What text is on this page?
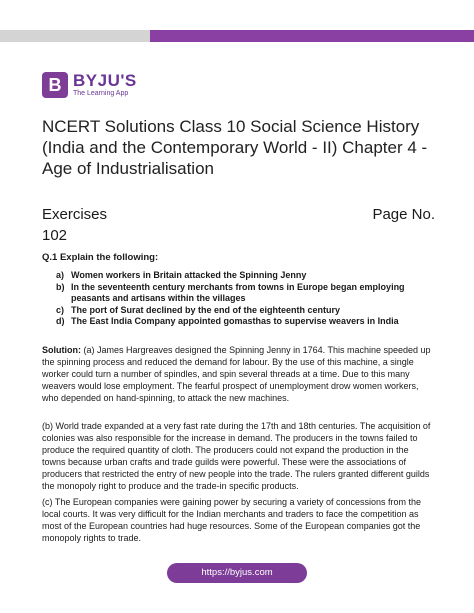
B BYJU'S
The Learning App
NCERT Solutions Class 10 Social Science History (India and the Contemporary World - II) Chapter 4 - Age of Industrialisation
Exercises	Page No.
102
Q.1 Explain the following:
a) Women workers in Britain attacked the Spinning Jenny
b) In the seventeenth century merchants from towns in Europe began employing peasants and artisans within the villages
c) The port of Surat declined by the end of the eighteenth century
d) The East India Company appointed gomasthas to supervise weavers in India

Solution: (a) James Hargreaves designed the Spinning Jenny in 1764. This machine speeded up the spinning process and reduced the demand for labour. By the use of this machine, a single worker could turn a number of spindles, and spin several threads at a time. Due to this many weavers would lose employment. The fearful prospect of unemployment drow women workers, who depended on hand-spinning, to attack the new machines.

(b) World trade expanded at a very fast rate during the 17th and 18th centuries. The acquisition of colonies was also responsible for the increase in demand. The producers in the towns failed to produce the required quantity of cloth. The producers could not expand the production in the towns because urban crafts and trade guilds were powerful. These were the associations of producers that restricted the entry of new people into the trade. The rulers granted different guilds the monopoly right to produce and the trade-in specific products.

(c) The European companies were gaining power by securing a variety of concessions from the local courts. It was very difficult for the Indian merchants and traders to face the competition as most of the European countries had huge resources. Some of the European companies got the monopoly rights to trade.

https://byjus.com
